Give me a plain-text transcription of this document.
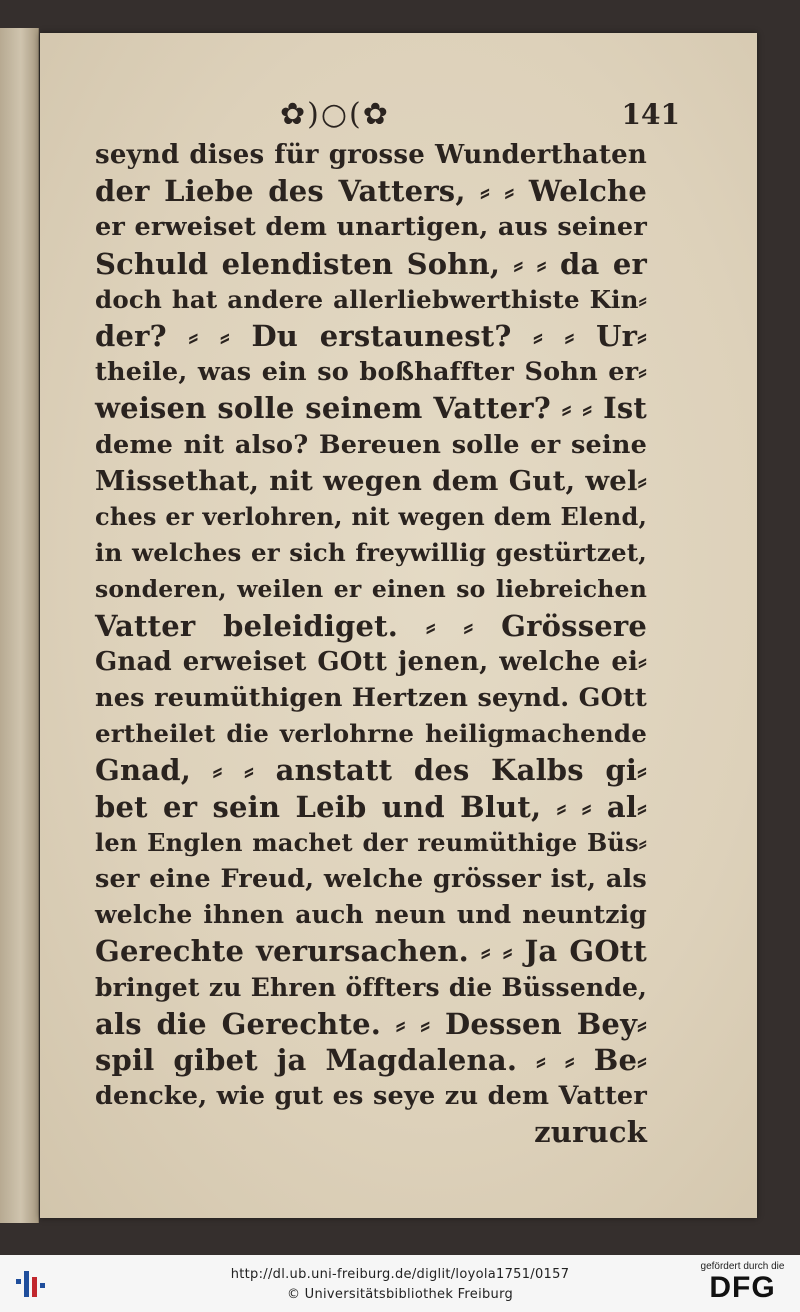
✿)○(✿	141
seynd dises für grosse Wunderthaten
der Liebe des Vatters, ⸗ ⸗ Welche
er erweiset dem unartigen, aus seiner
Schuld elendisten Sohn, ⸗ ⸗ da er
doch hat andere allerliebwerthiste Kin⸗
der? ⸗ ⸗ Du erstaunest? ⸗ ⸗ Ur⸗
theile, was ein so boßhaffter Sohn er⸗
weisen solle seinem Vatter? ⸗ ⸗ Ist
deme nit also? Bereuen solle er seine
Missethat, nit wegen dem Gut, wel⸗
ches er verlohren, nit wegen dem Elend,
in welches er sich freywillig gestürtzet,
sonderen, weilen er einen so liebreichen
Vatter beleidiget. ⸗ ⸗ Grössere
Gnad erweiset GOtt jenen, welche ei⸗
nes reumüthigen Hertzen seynd. GOtt
ertheilet die verlohrne heiligmachende
Gnad, ⸗ ⸗ anstatt des Kalbs gi⸗
bet er sein Leib und Blut, ⸗ ⸗ al⸗
len Englen machet der reumüthige Büs⸗
ser eine Freud, welche grösser ist, als
welche ihnen auch neun und neuntzig
Gerechte verursachen. ⸗ ⸗ Ja GOtt
bringet zu Ehren öffters die Büssende,
als die Gerechte. ⸗ ⸗ Dessen Bey⸗
spil gibet ja Magdalena. ⸗ ⸗ Be⸗
dencke, wie gut es seye zu dem Vatter
zuruck
http://dl.ub.uni-freiburg.de/diglit/loyola1751/0157
© Universitätsbibliothek Freiburg
gefördert durch die
DFG
